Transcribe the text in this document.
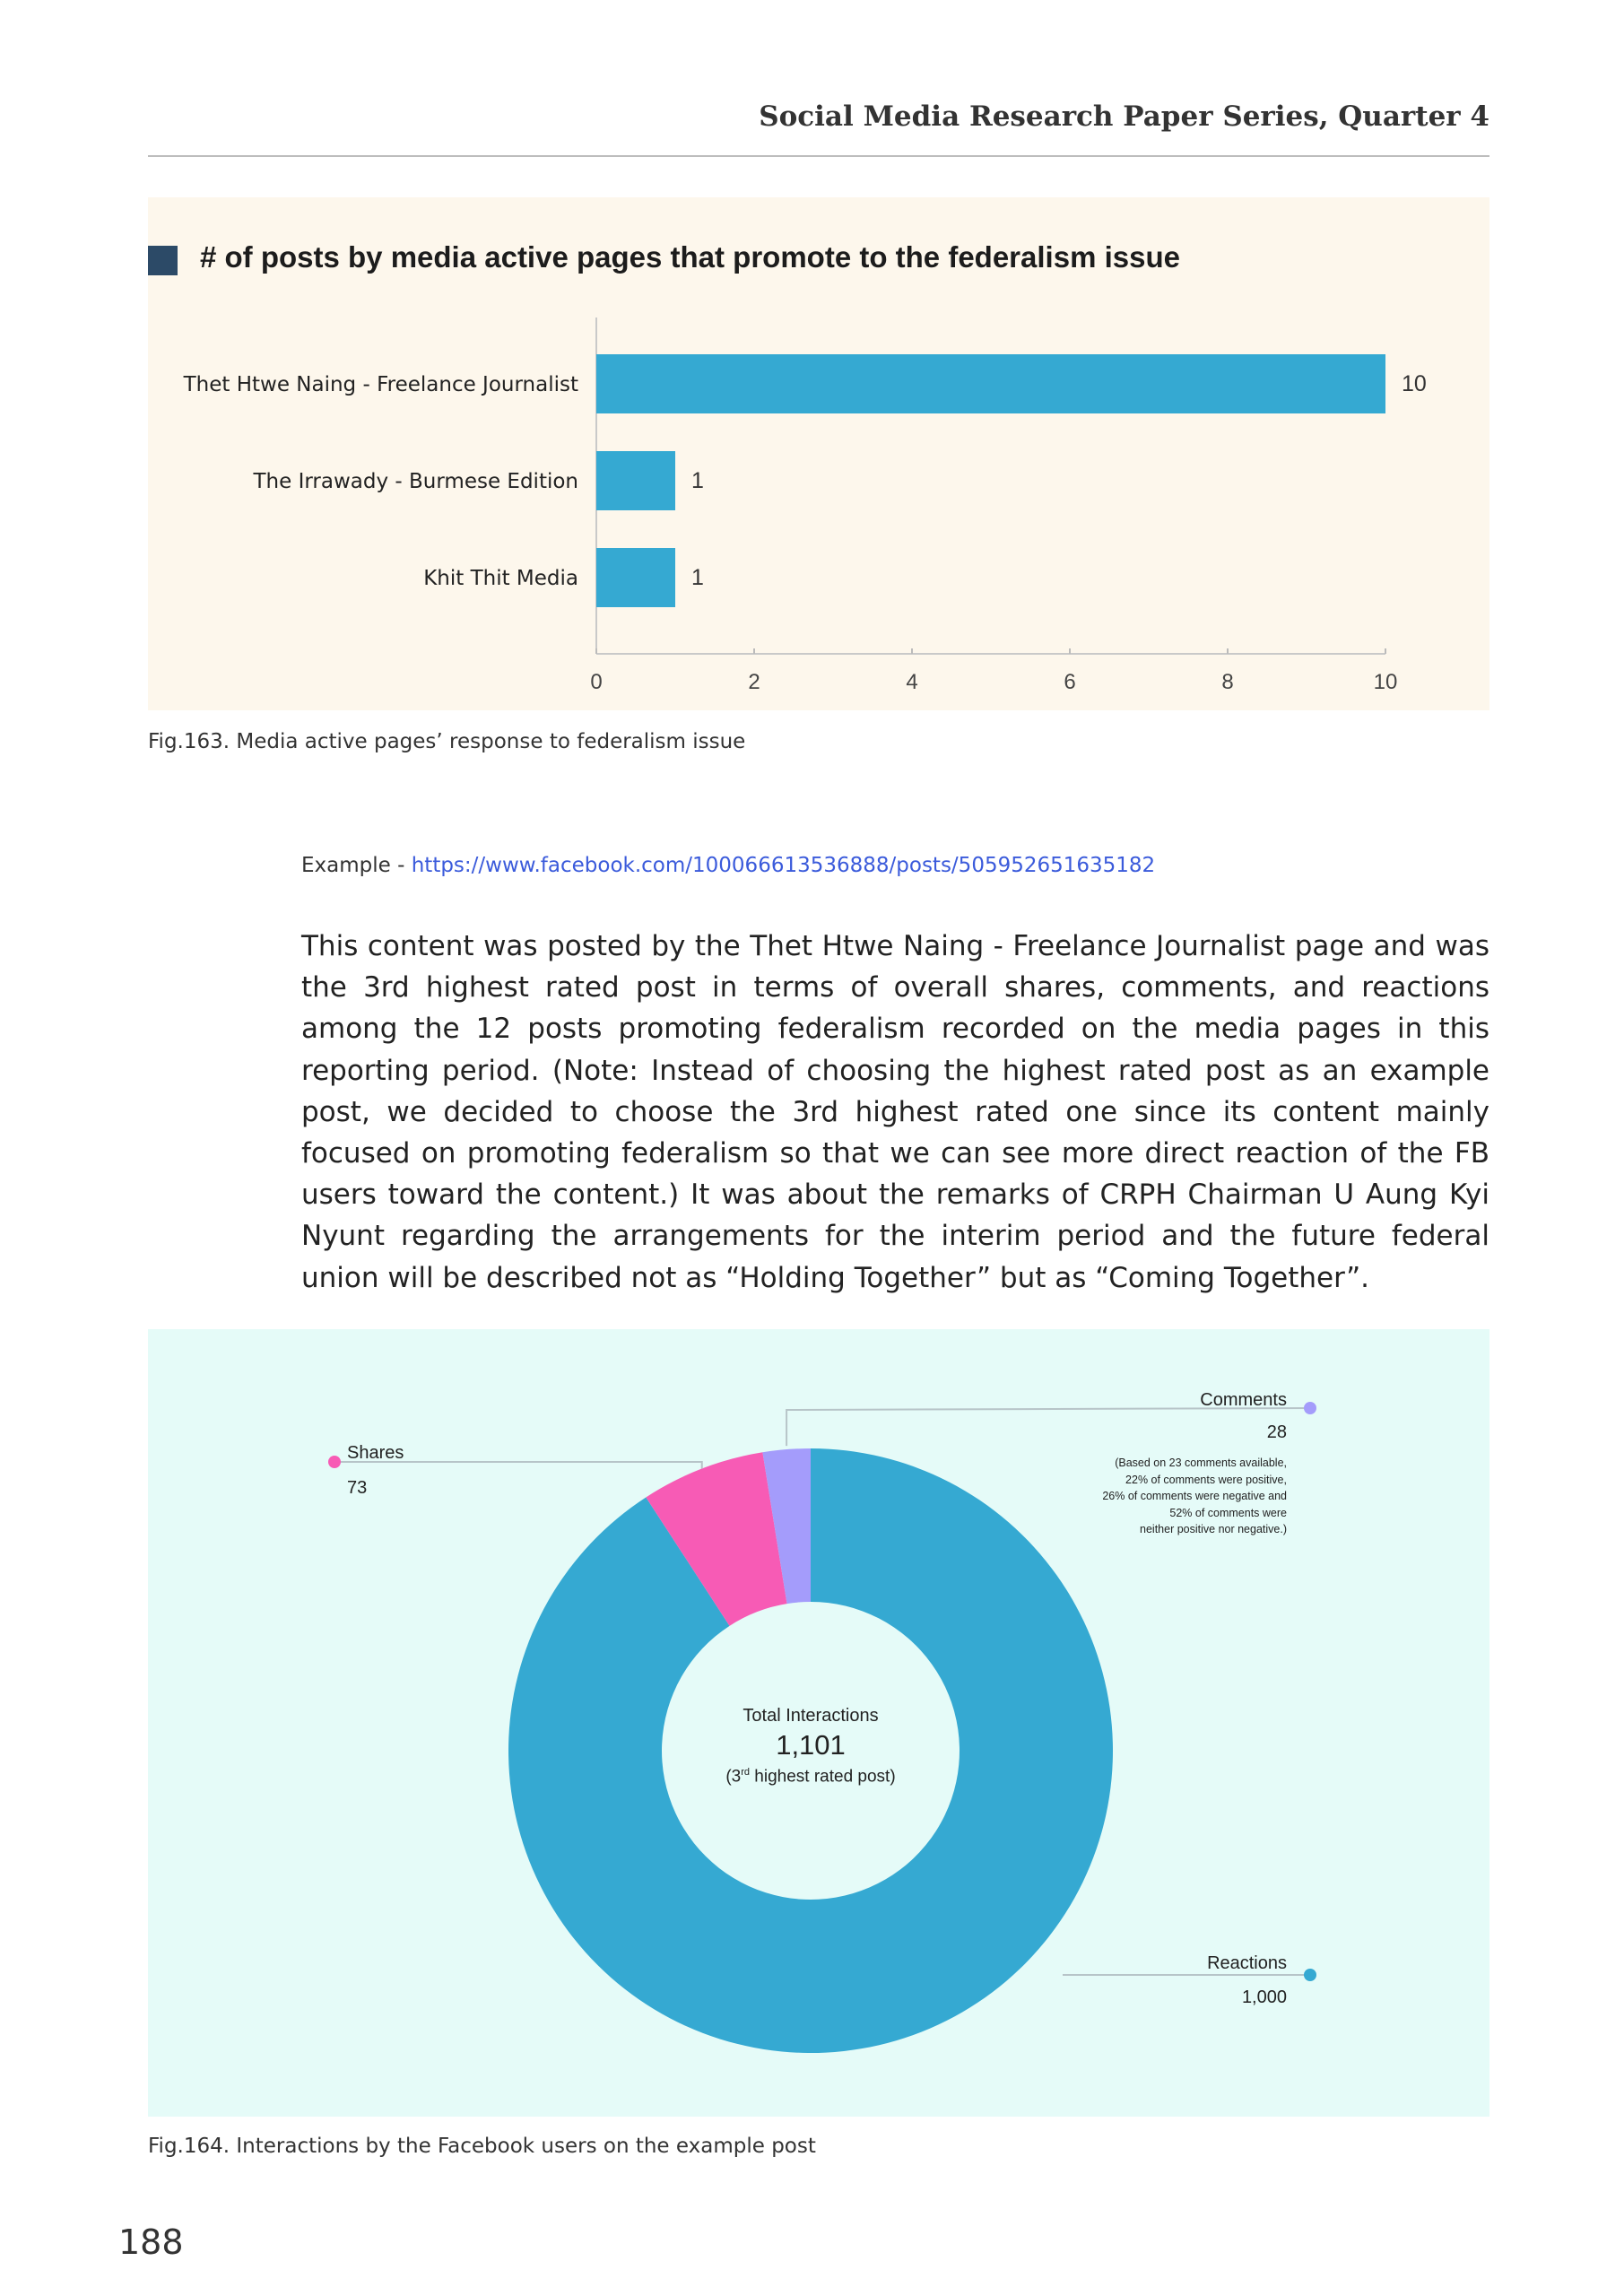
Social Media Research Paper Series, Quarter 4
# of posts by media active pages that promote to the federalism issue
0	2	4	6	8	10
Thet Htwe Naing - Freelance Journalist	10
The Irrawady - Burmese Edition	1
Khit Thit Media	1
Fig.163. Media active pages’ response to federalism issue
Example - https://www.facebook.com/100066613536888/posts/505952651635182
This content was posted by the Thet Htwe Naing - Freelance Journalist page and was the 3rd highest rated post in terms of overall shares, comments, and reactions among the 12 posts promoting federalism recorded on the media pages in this reporting period. (Note: Instead of choosing the highest rated post as an example post, we decided to choose the 3rd highest rated one since its content mainly focused on promoting federalism so that we can see more direct reaction of the FB users toward the content.) It was about the remarks of CRPH Chairman U Aung Kyi Nyunt regarding the arrangements for the interim period and the future federal union will be described not as “Holding Together” but as “Coming Together”.
Total Interactions
1,101
(3rd highest rated post)
Comments
28
(Based on 23 comments available,
22% of comments were positive,
26% of comments were negative and
52% of comments were
neither positive nor negative.)
Shares
73
Reactions
1,000
Fig.164. Interactions by the Facebook users on the example post
188
